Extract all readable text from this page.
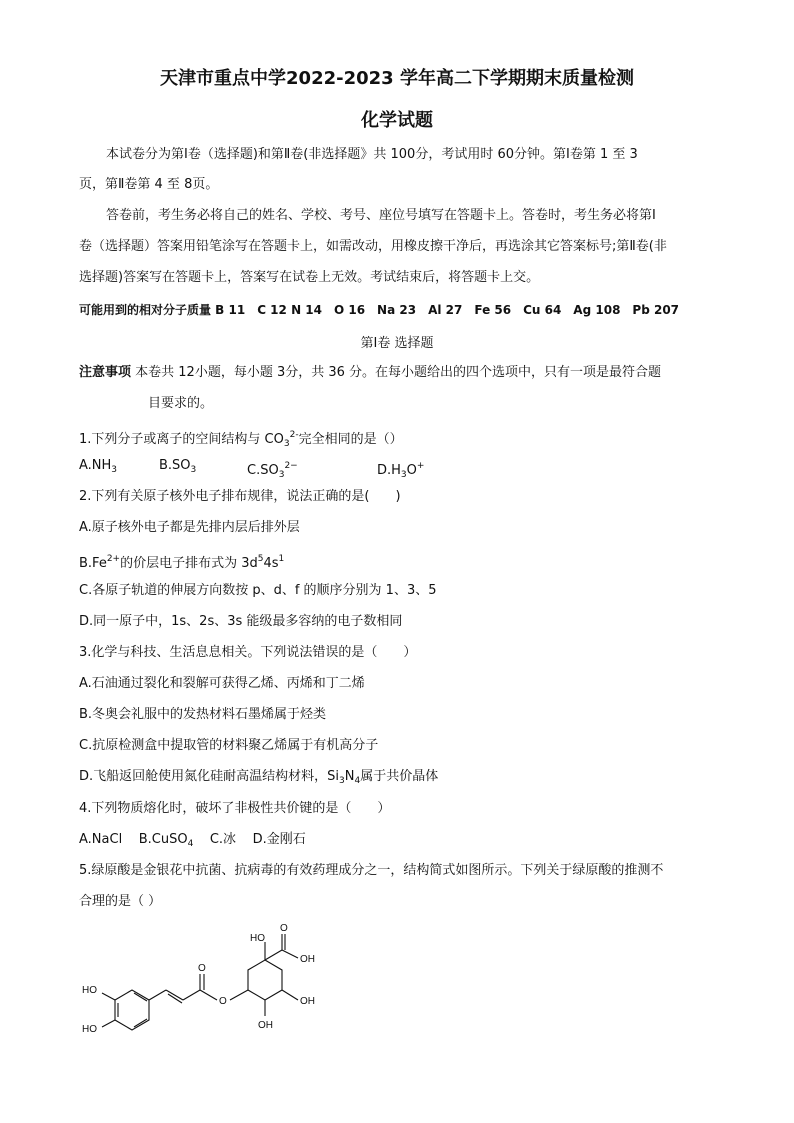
天津市重点中学2022-2023 学年高二下学期期末质量检测
化学试题
本试卷分为第Ⅰ卷（选择题)和第Ⅱ卷(非选择题》共 100分，考试用时 60分钟。第Ⅰ卷第 1 至 3
页，第Ⅱ卷第 4 至 8页。
答卷前，考生务必将自己的姓名、学校、考号、座位号填写在答题卡上。答卷时，考生务必将第Ⅰ
卷（选择题）答案用铅笔涂写在答题卡上，如需改动，用橡皮擦干净后，再选涂其它答案标号;第Ⅱ卷(非
选择题)答案写在答题卡上，答案写在试卷上无效。考试结束后，将答题卡上交。
可能用到的相对分子质量 B 11　C 12 N 14　O 16　Na 23　Al 27　Fe 56　Cu 64　Ag 108　Pb 207
第Ⅰ卷 选择题
注意事项 本卷共 12小题，每小题 3分，共 36 分。在每小题给出的四个选项中，只有一项是最符合题
目要求的。
1.下列分子或离子的空间结构与 $CO_3^{2-}$完全相同的是（）
$A.NH_3$	$B.SO_3$	$C.SO_3^{2-}$	$D.H_3O^+$
2.下列有关原子核外电子排布规律，说法正确的是(　　)
A.原子核外电子都是先排内层后排外层
$B.Fe^{2+}$的价层电子排布式为 $3d^54s^1$
C.各原子轨道的伸展方向数按 p、d、f 的顺序分别为 1、3、5
D.同一原子中，1s、2s、3s 能级最多容纳的电子数相同
3.化学与科技、生活息息相关。下列说法错误的是（　　）
A.石油通过裂化和裂解可获得乙烯、丙烯和丁二烯
B.冬奥会礼服中的发热材料石墨烯属于烃类
C.抗原检测盒中提取管的材料聚乙烯属于有机高分子
D.飞船返回舱使用氮化硅耐高温结构材料，$Si_3N_4$属于共价晶体
4.下列物质熔化时，破坏了非极性共价键的是（　　）
A.NaCl B.CuSO$_4$ C.冰 D.金刚石
5.绿原酸是金银花中抗菌、抗病毒的有效药理成分之一，结构简式如图所示。下列关于绿原酸的推测不
合理的是（ ）
HO
HO
O
O
HO
O
OH
OH
OH
